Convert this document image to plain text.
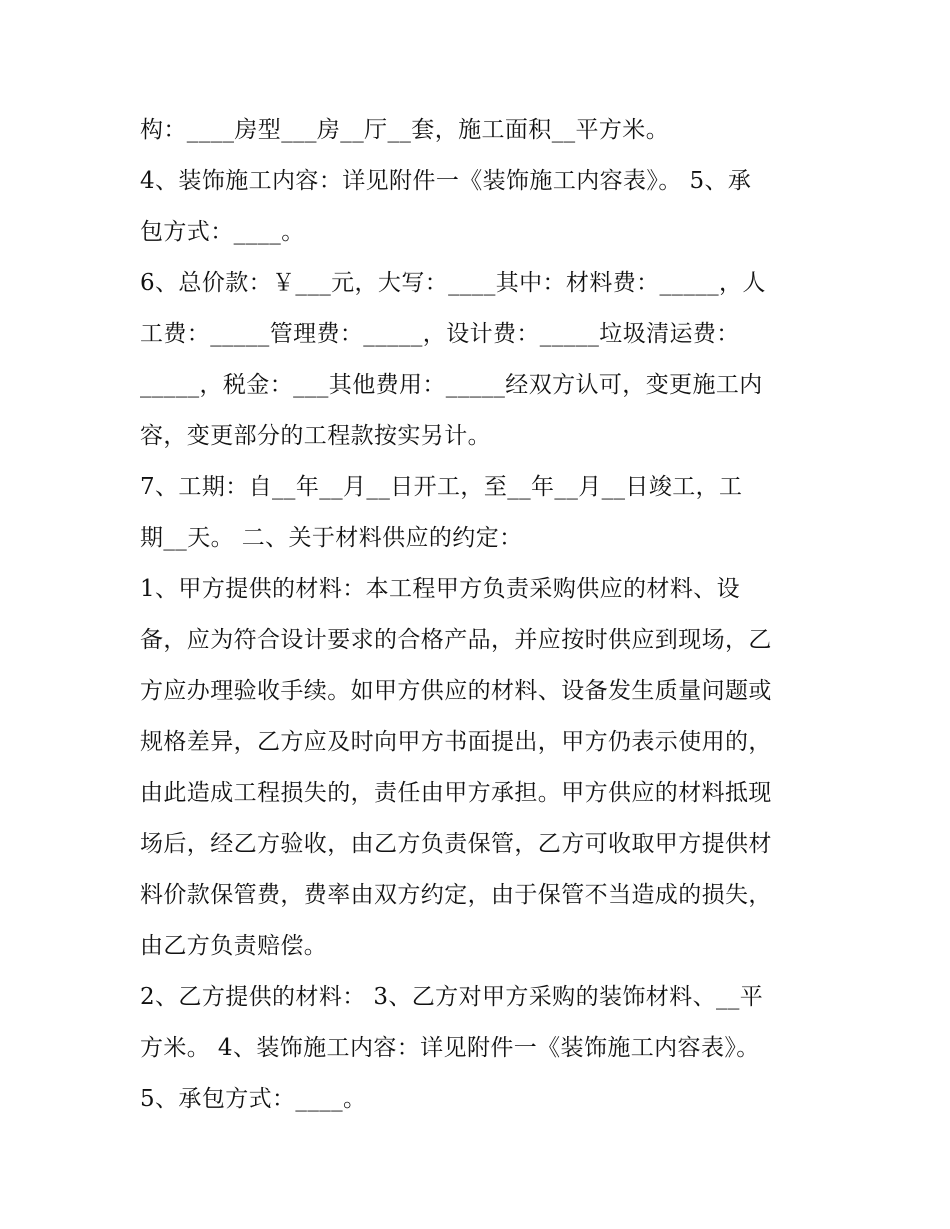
构：____房型___房__厅__套，施工面积__平方米。
4、装饰施工内容：详见附件一《装饰施工内容表》。 5、承
包方式：____。
6、总价款：￥___元，大写：____其中：材料费：_____，人
工费：_____管理费：_____，设计费：_____垃圾清运费：
_____，税金：___其他费用：_____经双方认可，变更施工内
容，变更部分的工程款按实另计。
7、工期：自__年__月__日开工，至__年__月__日竣工，工
期__天。 二、关于材料供应的约定：
1、甲方提供的材料：本工程甲方负责采购供应的材料、设
备，应为符合设计要求的合格产品，并应按时供应到现场，乙
方应办理验收手续。如甲方供应的材料、设备发生质量问题或
规格差异，乙方应及时向甲方书面提出，甲方仍表示使用的，
由此造成工程损失的，责任由甲方承担。甲方供应的材料抵现
场后，经乙方验收，由乙方负责保管，乙方可收取甲方提供材
料价款保管费，费率由双方约定，由于保管不当造成的损失，
由乙方负责赔偿。
2、乙方提供的材料： 3、乙方对甲方采购的装饰材料、__平
方米。 4、装饰施工内容：详见附件一《装饰施工内容表》。
5、承包方式：____。
